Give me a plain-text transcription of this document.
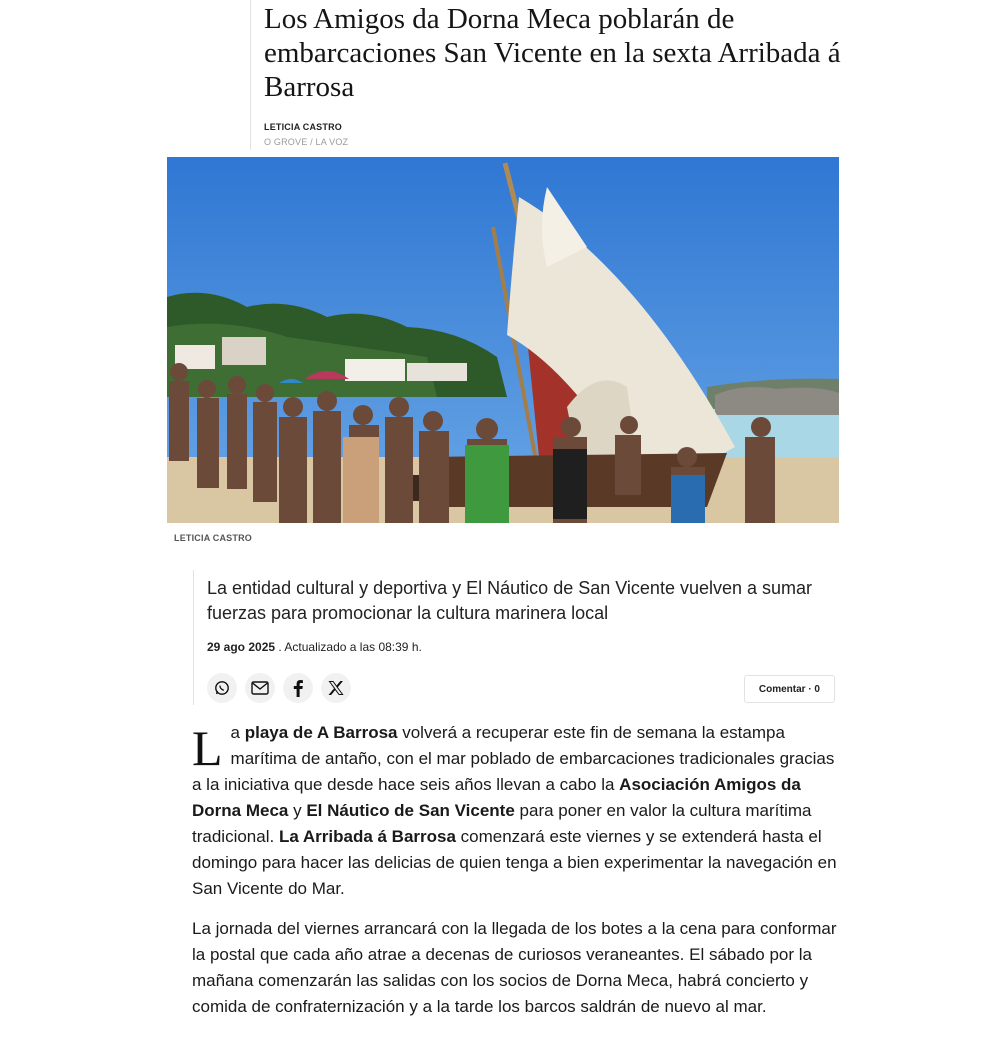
Los Amigos da Dorna Meca poblarán de embarcaciones San Vicente en la sexta Arribada á Barrosa
LETICIA CASTRO
O GROVE / LA VOZ
LETICIA CASTRO

La entidad cultural y deportiva y El Náutico de San Vicente vuelven a sumar fuerzas para promocionar la cultura marinera local

29 ago 2025 . Actualizado a las 08:39 h.
Comentar · 0

La playa de A Barrosa volverá a recuperar este fin de semana la estampa marítima de antaño, con el mar poblado de embarcaciones tradicionales gracias a la iniciativa que desde hace seis años llevan a cabo la Asociación Amigos da Dorna Meca y El Náutico de San Vicente para poner en valor la cultura marítima tradicional. La Arribada á Barrosa comenzará este viernes y se extenderá hasta el domingo para hacer las delicias de quien tenga a bien experimentar la navegación en San Vicente do Mar.

La jornada del viernes arrancará con la llegada de los botes a la cena para conformar la postal que cada año atrae a decenas de curiosos veraneantes. El sábado por la mañana comenzarán las salidas con los socios de Dorna Meca, habrá concierto y comida de confraternización y a la tarde los barcos saldrán de nuevo al mar.
